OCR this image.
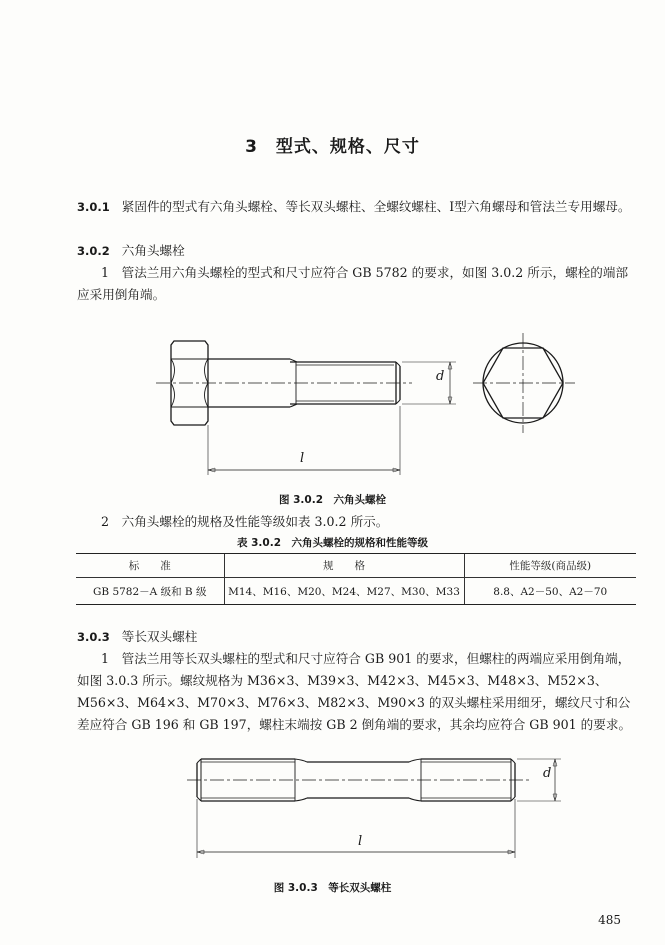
3　型式、规格、尺寸
3.0.1 紧固件的型式有六角头螺栓、等长双头螺柱、全螺纹螺柱、Ⅰ型六角螺母和管法兰专用螺母。
3.0.2 六角头螺栓
1　管法兰用六角头螺栓的型式和尺寸应符合 GB 5782 的要求，如图 3.0.2 所示，螺栓的端部应采用倒角端。
d
l
图 3.0.2　六角头螺栓
2　六角头螺栓的规格及性能等级如表 3.0.2 所示。
表 3.0.2　六角头螺栓的规格和性能等级
标　　准	规　　格	性能等级(商品级)
GB 5782－A 级和 B 级	M14、M16、M20、M24、M27、M30、M33	8.8、A2－50、A2－70
3.0.3 等长双头螺柱
1　管法兰用等长双头螺柱的型式和尺寸应符合 GB 901 的要求，但螺柱的两端应采用倒角端，如图 3.0.3 所示。螺纹规格为 M36×3、M39×3、M42×3、M45×3、M48×3、M52×3、M56×3、M64×3、M70×3、M76×3、M82×3、M90×3 的双头螺柱采用细牙，螺纹尺寸和公差应符合 GB 196 和 GB 197，螺柱末端按 GB 2 倒角端的要求，其余均应符合 GB 901 的要求。
d
l
图 3.0.3　等长双头螺柱
485
